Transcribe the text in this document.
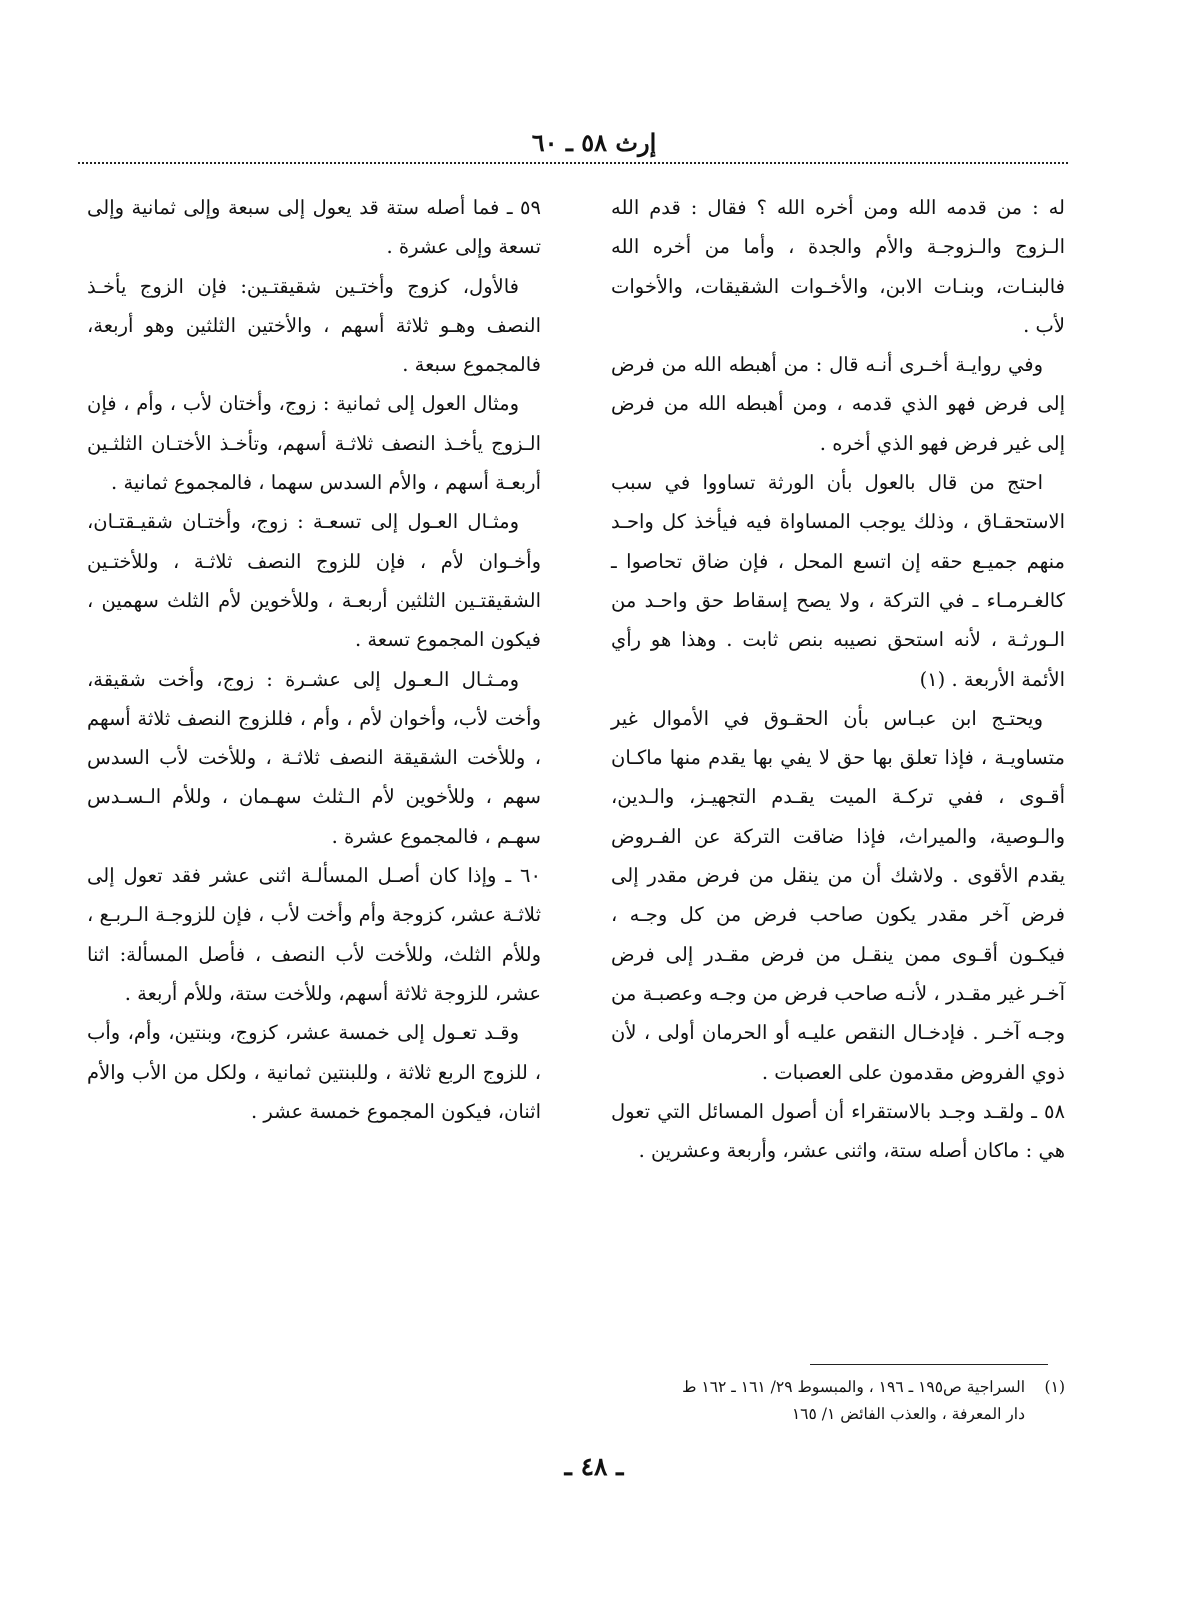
إرث ٥٨ ـ ٦٠

له : من قدمه الله ومن أخره الله ؟ فقال : قدم الله الـزوج والـزوجـة والأم والجدة ، وأما من أخره الله فالبنـات، وبنـات الابن، والأخـوات الشقيقات، والأخوات لأب .

وفي روايـة أخـرى أنـه قال : من أهبطه الله من فرض إلى فرض فهو الذي قدمه ، ومن أهبطه الله من فرض إلى غير فرض فهو الذي أخره .

احتج من قال بالعول بأن الورثة تساووا في سبب الاستحقـاق ، وذلك يوجب المساواة فيه فيأخذ كل واحـد منهم جميـع حقه إن اتسع المحل ، فإن ضاق تحاصوا ـ كالغـرمـاء ـ في التركة ، ولا يصح إسقاط حق واحـد من الـورثـة ، لأنه استحق نصيبه بنص ثابت . وهذا هو رأي الأئمة الأربعة . (١)

ويحتـج ابن عبـاس بأن الحقـوق في الأموال غير متساويـة ، فإذا تعلق بها حق لا يفي بها يقدم منها ماكـان أقـوى ، ففي تركـة الميت يقـدم التجهيـز، والـدين، والـوصية، والميراث، فإذا ضاقت التركة عن الفـروض يقدم الأقوى . ولاشك أن من ينقل من فرض مقدر إلى فرض آخر مقدر يكون صاحب فرض من كل وجـه ، فيكـون أقـوى ممن ينقـل من فرض مقـدر إلى فرض آخـر غير مقـدر ، لأنـه صاحب فرض من وجـه وعصبـة من وجـه آخـر . فإدخـال النقص عليـه أو الحرمان أولى ، لأن ذوي الفروض مقدمون على العصبات .

٥٨ ـ ولقـد وجـد بالاستقراء أن أصول المسائل التي تعول هي : ماكان أصله ستة، واثنى عشر، وأربعة وعشرين .

٥٩ ـ فما أصله ستة قد يعول إلى سبعة وإلى ثمانية وإلى تسعة وإلى عشرة .

فالأول، كزوج وأختـين شقيقتـين: فإن الزوج يأخـذ النصف وهـو ثلاثة أسهم ، والأختين الثلثين وهو أربعة، فالمجموع سبعة .

ومثال العول إلى ثمانية : زوج، وأختان لأب ، وأم ، فإن الـزوج يأخـذ النصف ثلاثـة أسهم، وتأخـذ الأختـان الثلثـين أربعـة أسهم ، والأم السدس سهما ، فالمجموع ثمانية .

ومثـال العـول إلى تسعـة : زوج، وأختـان شقيـقتـان، وأخـوان لأم ، فإن للزوج النصف ثلاثـة ، وللأختـين الشقيقتـين الثلثين أربعـة ، وللأخوين لأم الثلث سهمين ، فيكون المجموع تسعة .

ومـثـال الـعـول إلى عشـرة : زوج، وأخت شقيقة، وأخت لأب، وأخوان لأم ، وأم ، فللزوج النصف ثلاثة أسهم ، وللأخت الشقيقة النصف ثلاثـة ، وللأخت لأب السدس سهم ، وللأخوين لأم الـثلث سهـمان ، وللأم الـسـدس سهـم ، فالمجموع عشرة .

٦٠ ـ وإذا كان أصـل المسألـة اثنى عشر فقد تعول إلى ثلاثـة عشر، كزوجة وأم وأخت لأب ، فإن للزوجـة الـربـع ، وللأم الثلث، وللأخت لأب النصف ، فأصل المسألة: اثنا عشر، للزوجة ثلاثة أسهم، وللأخت ستة، وللأم أربعة .

وقـد تعـول إلى خمسة عشر، كزوج، وبنتين، وأم، وأب ، للزوج الربع ثلاثة ، وللبنتين ثمانية ، ولكل من الأب والأم اثنان، فيكون المجموع خمسة عشر .

(١)السراجية ص١٩٥ ـ ١٩٦ ، والمبسوط ٢٩/ ١٦١ ـ ١٦٢ ط
دار المعرفة ، والعذب الفائض ١/ ١٦٥
ـ ٤٨ ـ
